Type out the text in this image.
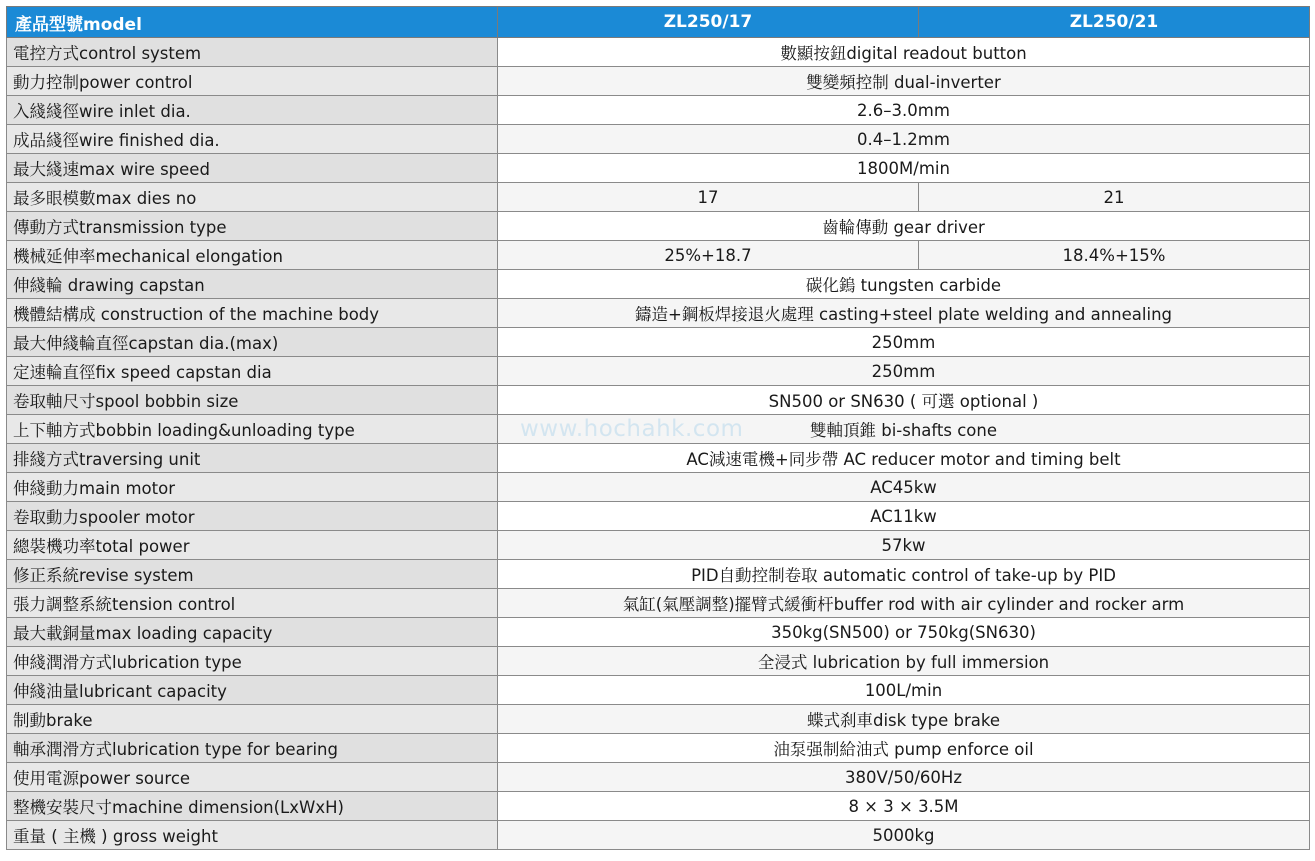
產品型號model	ZL250/17	ZL250/21
電控方式control system	數顯按鈕digital readout button	
動力控制power control	雙變頻控制 dual-inverter	
入綫綫徑wire inlet dia.	2.6–3.0mm	
成品綫徑wire finished dia.	0.4–1.2mm	
最大綫速max wire speed	1800M/min	
最多眼模數max dies no	17	21
傳動方式transmission type	齒輪傳動 gear driver	
機械延伸率mechanical elongation	25%+18.7	18.4%+15%
伸綫輪 drawing capstan	碳化鎢 tungsten carbide	
機體結構成 construction of the machine body	鑄造+鋼板焊接退火處理 casting+steel plate welding and annealing	
最大伸綫輪直徑capstan dia.(max)	250mm	
定速輪直徑fix speed capstan dia	250mm	
卷取軸尺寸spool bobbin size	SN500 or SN630 ( 可選 optional )	
上下軸方式bobbin loading&unloading type	雙軸頂錐 bi-shafts cone	
排綫方式traversing unit	AC減速電機+同步帶 AC reducer motor and timing belt	
伸綫動力main motor	AC45kw	
卷取動力spooler motor	AC11kw	
總裝機功率total power	57kw	
修正系統revise system	PID自動控制卷取 automatic control of take-up by PID	
張力調整系統tension control	氣缸(氣壓調整)擺臂式緩衝杆buffer rod with air cylinder and rocker arm	
最大載銅量max loading capacity	350kg(SN500) or 750kg(SN630)	
伸綫潤滑方式lubrication type	全浸式 lubrication by full immersion	
伸綫油量lubricant capacity	100L/min	
制動brake	蝶式刹車disk type brake	
軸承潤滑方式lubrication type for bearing	油泵强制給油式 pump enforce oil	
使用電源power source	380V/50/60Hz	
整機安裝尺寸machine dimension(LxWxH)	8 × 3 × 3.5M	
重量 ( 主機 ) gross weight	5000kg	
www.hochahk.com
